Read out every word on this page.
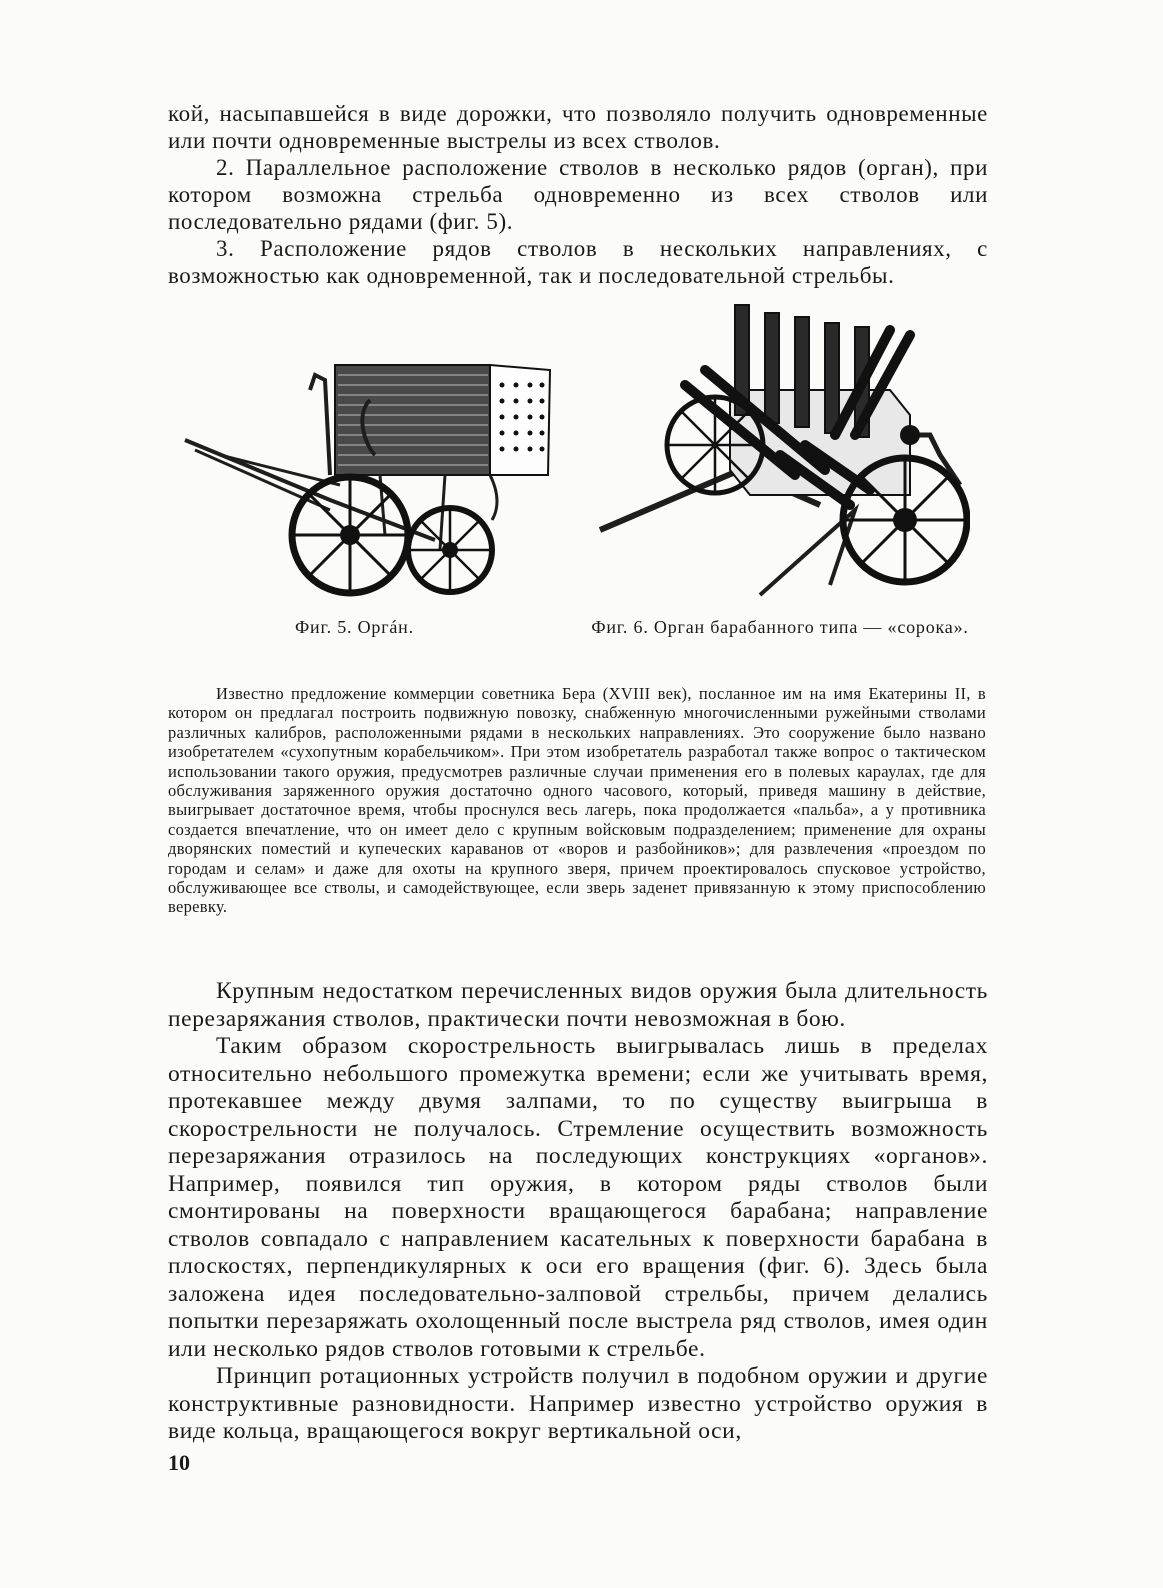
кой, насыпавшейся в виде дорожки, что позволяло получить одновременные или почти одновременные выстрелы из всех стволов.

2. Параллельное расположение стволов в несколько рядов (орган), при котором возможна стрельба одновременно из всех стволов или последовательно рядами (фиг. 5).

3. Расположение рядов стволов в нескольких направлениях, с возможностью как одновременной, так и последовательной стрельбы.

Фиг. 5. Оргáн.	Фиг. 6. Орган барабанного типа — «сорока».

Известно предложение коммерции советника Бера (XVIII век), посланное им на имя Екатерины II, в котором он предлагал построить подвижную повозку, снабженную многочисленными ружейными стволами различных калибров, расположенными рядами в нескольких направлениях. Это сооружение было названо изобретателем «сухопутным корабельчиком». При этом изобретатель разработал также вопрос о тактическом использовании такого оружия, предусмотрев различные случаи применения его в полевых караулах, где для обслуживания заряженного оружия достаточно одного часового, который, приведя машину в действие, выигрывает достаточное время, чтобы проснулся весь лагерь, пока продолжается «пальба», а у противника создается впечатление, что он имеет дело с крупным войсковым подразделением; применение для охраны дворянских поместий и купеческих караванов от «воров и разбойников»; для развлечения «проездом по городам и селам» и даже для охоты на крупного зверя, причем проектировалось спусковое устройство, обслуживающее все стволы, и самодействующее, если зверь заденет привязанную к этому приспособлению веревку.

Крупным недостатком перечисленных видов оружия была длительность перезаряжания стволов, практически почти невозможная в бою.

Таким образом скорострельность выигрывалась лишь в пределах относительно небольшого промежутка времени; если же учитывать время, протекавшее между двумя залпами, то по существу выигрыша в скорострельности не получалось. Стремление осуществить возможность перезаряжания отразилось на последующих конструкциях «органов». Например, появился тип оружия, в котором ряды стволов были смонтированы на поверхности вращающегося барабана; направление стволов совпадало с направлением касательных к поверхности барабана в плоскостях, перпендикулярных к оси его вращения (фиг. 6). Здесь была заложена идея последовательно-залповой стрельбы, причем делались попытки перезаряжать охолощенный после выстрела ряд стволов, имея один или несколько рядов стволов готовыми к стрельбе.

Принцип ротационных устройств получил в подобном оружии и другие конструктивные разновидности. Например известно устройство оружия в виде кольца, вращающегося вокруг вертикальной оси,

10
